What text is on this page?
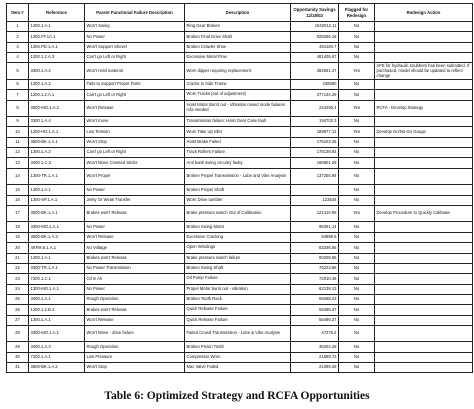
Item #	Reference	Parent Functional Failure Description	Description	Opportunity Savings 12/18/02	Flagged for Redesign	Redesign Action
1	1200.1.A.1	Won't Swing	Ring Gear Broken	1042012.11	No	
2	1300.FF.1A.1	No Power	Broken Final Drive Shaft	828256.16	No	
3	1300.PD.1.A.1	Won't Support Shovel	Broken Crawler Shoe	484184.7	No	
4	1200.1.2.A.3	Can't go Left or Right	Excessive Metal Flow	481405.67	No	
5	3300.1.A.2	Won't Hold material	Worn dipper requiring replacement	384051.47	Yes	AFE for hydraulic snubbers has been submitted. If purchased, model should be updated to reflect change
6	1300.1.A.2	Fails to Support Proper Parts	Cracks in Side Frame	339580	No	
7	1200.1.2.A.1	Can't go Left or Right	Worn Tracks (out of adjustment)	277144.29	No	
8	3500-MO.1.A.2	Won't Release	Hoist Motor Burnt out - Vibration mixed mode failures rcfa needed	244290.4	Yes	RCFA - Develop Strategy
9	3300.1.A.4	Won't move	Transmission failure: Hoist Gear Case fault	194702.3	No	
10	1200-HD.1.A.1	Low Tension	Worn Take Up Idler	189877.12	Yes	Develop Go/No-Go Gauge
11	3500-BK.1.A.1	Won't Stop	Hoist Brake Failed	176103.26	No	
12	1300.1.A.3	Can't go Left or Right	Track Rollers Failure	175138.92	No	
13	3400.1.C.3	Won't Move Crossed Sticks	Anti bank swing circuitry faulty	166901.29	No	
14	1300-TR.1.A.1	Won't Propel	Broken Propel Transmission - Lube and Vibe Analysis	137255.94	No	
15	1300.1.A.1	No Power	Broken Propel Shaft		No	
16	1300-SP.1.A.1	Jerky Or Weak Transfer	Worn Drive tumbler	123544	No	
17	3500-BK.1.A.1	Brakes won't Release	Brake pressure switch Out of Calibration	121410.95	Yes	Develop Procedure to Quickly Calibrate
18	3300-MO.1.A.1	No Power	Broken Swing Motor	98391.14	No	
19	3500-BK.1.A.3	Won't Release	Excessive Cracking	84899.6	No	
20	4KFM.5.1.A.1	No Voltage	Open Windings	83346.55	No	
21	1200.1.A.1	Brakes won't Release	Brake pressure switch failure	80209.55	No	
22	3300-TR.1.A.1	No Power Transmission	Broken Swing Shaft	76223.66	No	
23	7200.1.C.1	Oil In Air	Oil Pump Failure	72010.48	No	
24	1300-MO.1.A.1	No Power	Propel Motor burnt out - vibration	62138.13	No	
25	3400.1.A.1	Rough Operation	Broken Tooth Rack	59268.23	No	
26	1200.1.2.B.4	Brakes won't Release	Quick Release Failure	55495.37	No	
27	1300.1.A.1	Won't Release	Quick Release Failure	55495.37	No	
28	3300-MO.1.A.1	Won't Move - drive failure	Failed Crowd Transmission - Lube & Vibe Analysis	47275.2	No	
29	3400.1.A.3	Rough Operation	Broken Pinion Tooth	36202.29	No	
30	7200.1.A.1	Low Pressure	Compressor Worn	21599.72	No	
31	3500-BK.1.A.2	Won't Stop	Mac Valve Failed	21089.29	No	
Table 6: Optimized Strategy and RCFA Opportunities
